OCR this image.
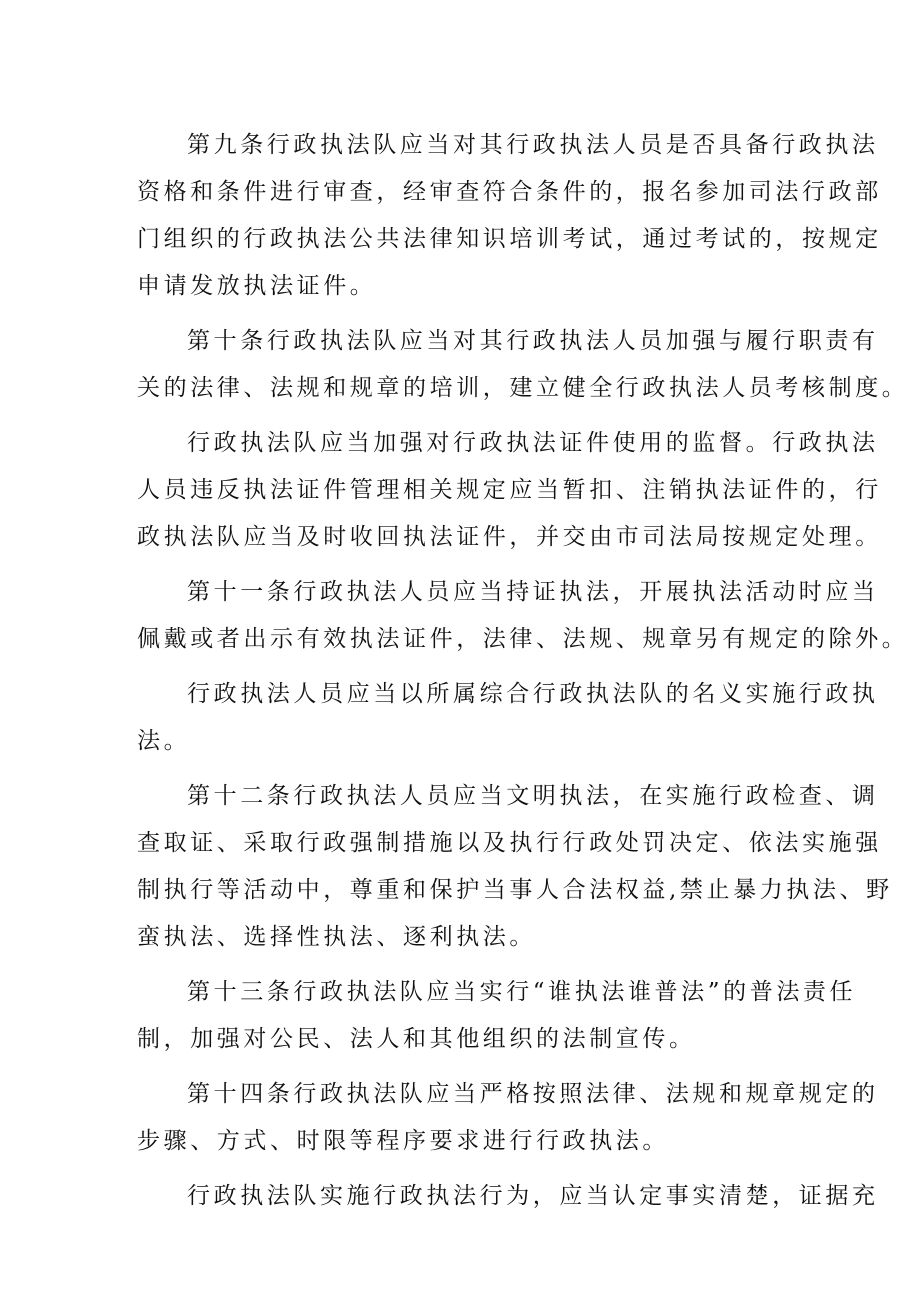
第九条行政执法队应当对其行政执法人员是否具备行政执法
资格和条件进行审查，经审查符合条件的，报名参加司法行政部
门组织的行政执法公共法律知识培训考试，通过考试的，按规定
申请发放执法证件。

第十条行政执法队应当对其行政执法人员加强与履行职责有
关的法律、法规和规章的培训，建立健全行政执法人员考核制度。

行政执法队应当加强对行政执法证件使用的监督。行政执法
人员违反执法证件管理相关规定应当暂扣、注销执法证件的，行
政执法队应当及时收回执法证件，并交由市司法局按规定处理。

第十一条行政执法人员应当持证执法，开展执法活动时应当
佩戴或者出示有效执法证件，法律、法规、规章另有规定的除外。

行政执法人员应当以所属综合行政执法队的名义实施行政执
法。

第十二条行政执法人员应当文明执法，在实施行政检查、调
查取证、采取行政强制措施以及执行行政处罚决定、依法实施强
制执行等活动中，尊重和保护当事人合法权益,禁止暴力执法、野
蛮执法、选择性执法、逐利执法。

第十三条行政执法队应当实行“谁执法谁普法”的普法责任
制，加强对公民、法人和其他组织的法制宣传。

第十四条行政执法队应当严格按照法律、法规和规章规定的
步骤、方式、时限等程序要求进行行政执法。

行政执法队实施行政执法行为，应当认定事实清楚，证据充
